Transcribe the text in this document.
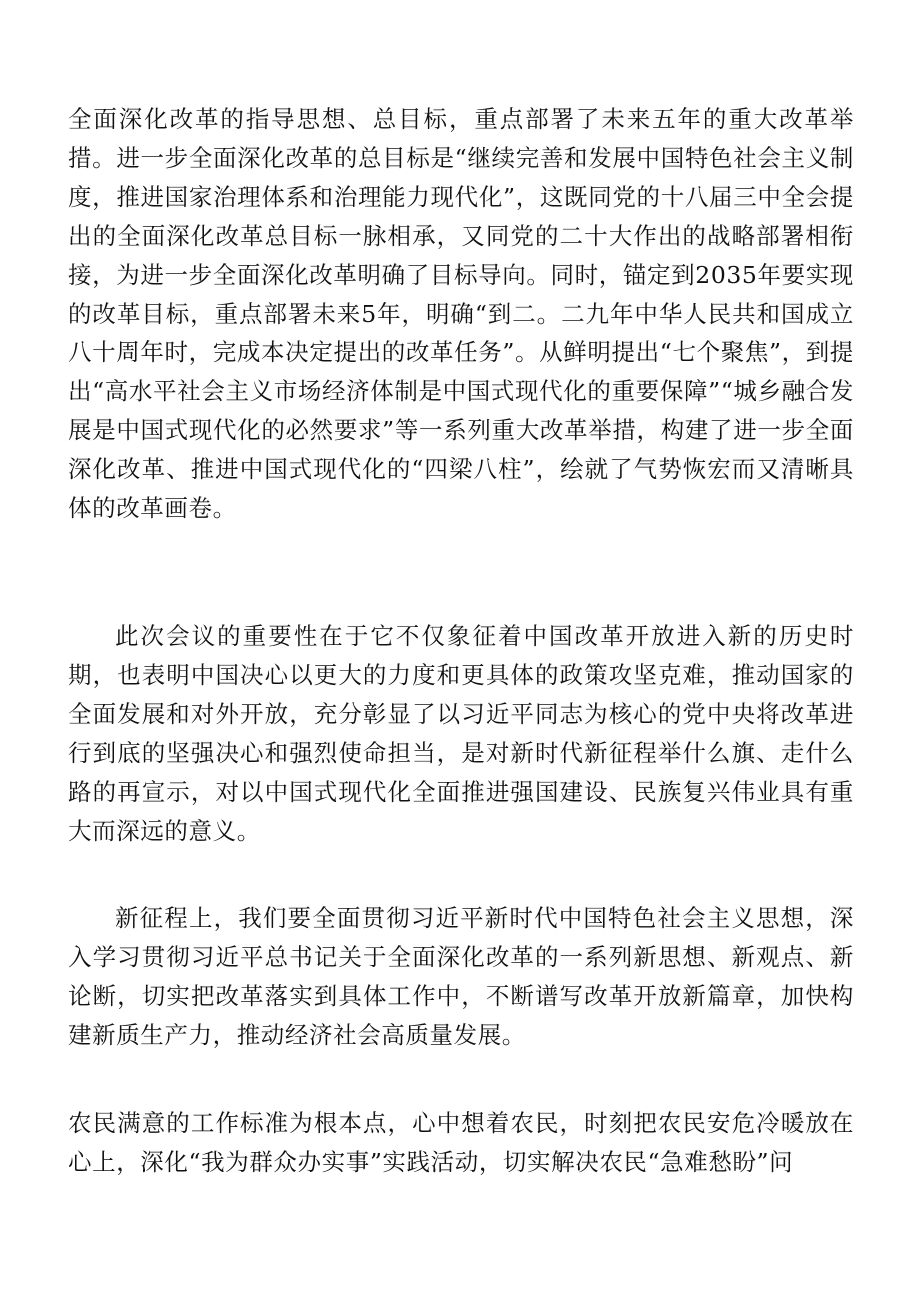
全面深化改革的指导思想、总目标，重点部署了未来五年的重大改革举措。进一步全面深化改革的总目标是“继续完善和发展中国特色社会主义制度，推进国家治理体系和治理能力现代化”，这既同党的十八届三中全会提出的全面深化改革总目标一脉相承，又同党的二十大作出的战略部署相衔接，为进一步全面深化改革明确了目标导向。同时，锚定到2035年要实现的改革目标，重点部署未来5年，明确“到二。二九年中华人民共和国成立八十周年时，完成本决定提出的改革任务”。从鲜明提出“七个聚焦”，到提出“高水平社会主义市场经济体制是中国式现代化的重要保障”“城乡融合发展是中国式现代化的必然要求”等一系列重大改革举措，构建了进一步全面深化改革、推进中国式现代化的“四梁八柱”，绘就了气势恢宏而又清晰具体的改革画卷。

此次会议的重要性在于它不仅象征着中国改革开放进入新的历史时期，也表明中国决心以更大的力度和更具体的政策攻坚克难，推动国家的全面发展和对外开放，充分彰显了以习近平同志为核心的党中央将改革进行到底的坚强决心和强烈使命担当，是对新时代新征程举什么旗、走什么路的再宣示，对以中国式现代化全面推进强国建设、民族复兴伟业具有重大而深远的意义。

新征程上，我们要全面贯彻习近平新时代中国特色社会主义思想，深入学习贯彻习近平总书记关于全面深化改革的一系列新思想、新观点、新论断，切实把改革落实到具体工作中，不断谱写改革开放新篇章，加快构建新质生产力，推动经济社会高质量发展。

农民满意的工作标准为根本点，心中想着农民，时刻把农民安危冷暖放在心上，深化“我为群众办实事”实践活动，切实解决农民“急难愁盼”问
